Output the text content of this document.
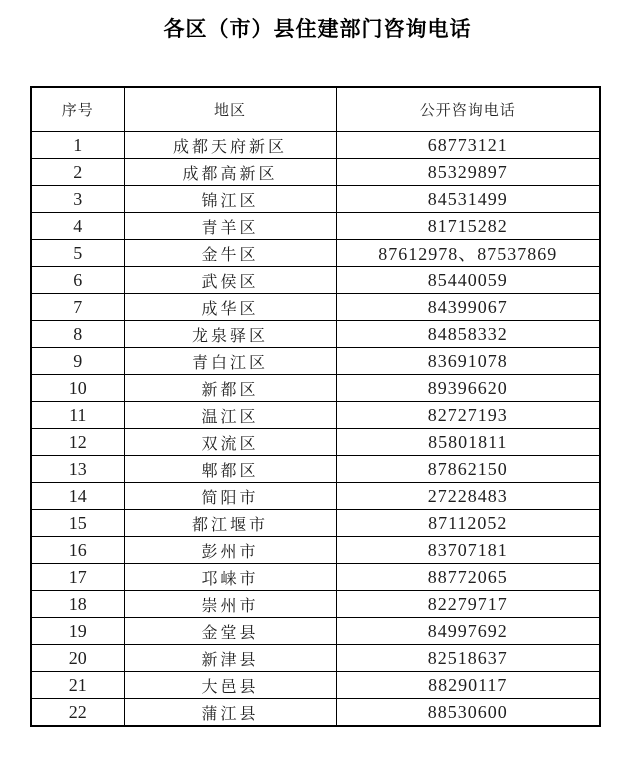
各区（市）县住建部门咨询电话
序号	地区	公开咨询电话
1	成都天府新区	68773121
2	成都高新区	85329897
3	锦江区	84531499
4	青羊区	81715282
5	金牛区	87612978、87537869
6	武侯区	85440059
7	成华区	84399067
8	龙泉驿区	84858332
9	青白江区	83691078
10	新都区	89396620
11	温江区	82727193
12	双流区	85801811
13	郫都区	87862150
14	简阳市	27228483
15	都江堰市	87112052
16	彭州市	83707181
17	邛崃市	88772065
18	崇州市	82279717
19	金堂县	84997692
20	新津县	82518637
21	大邑县	88290117
22	蒲江县	88530600
